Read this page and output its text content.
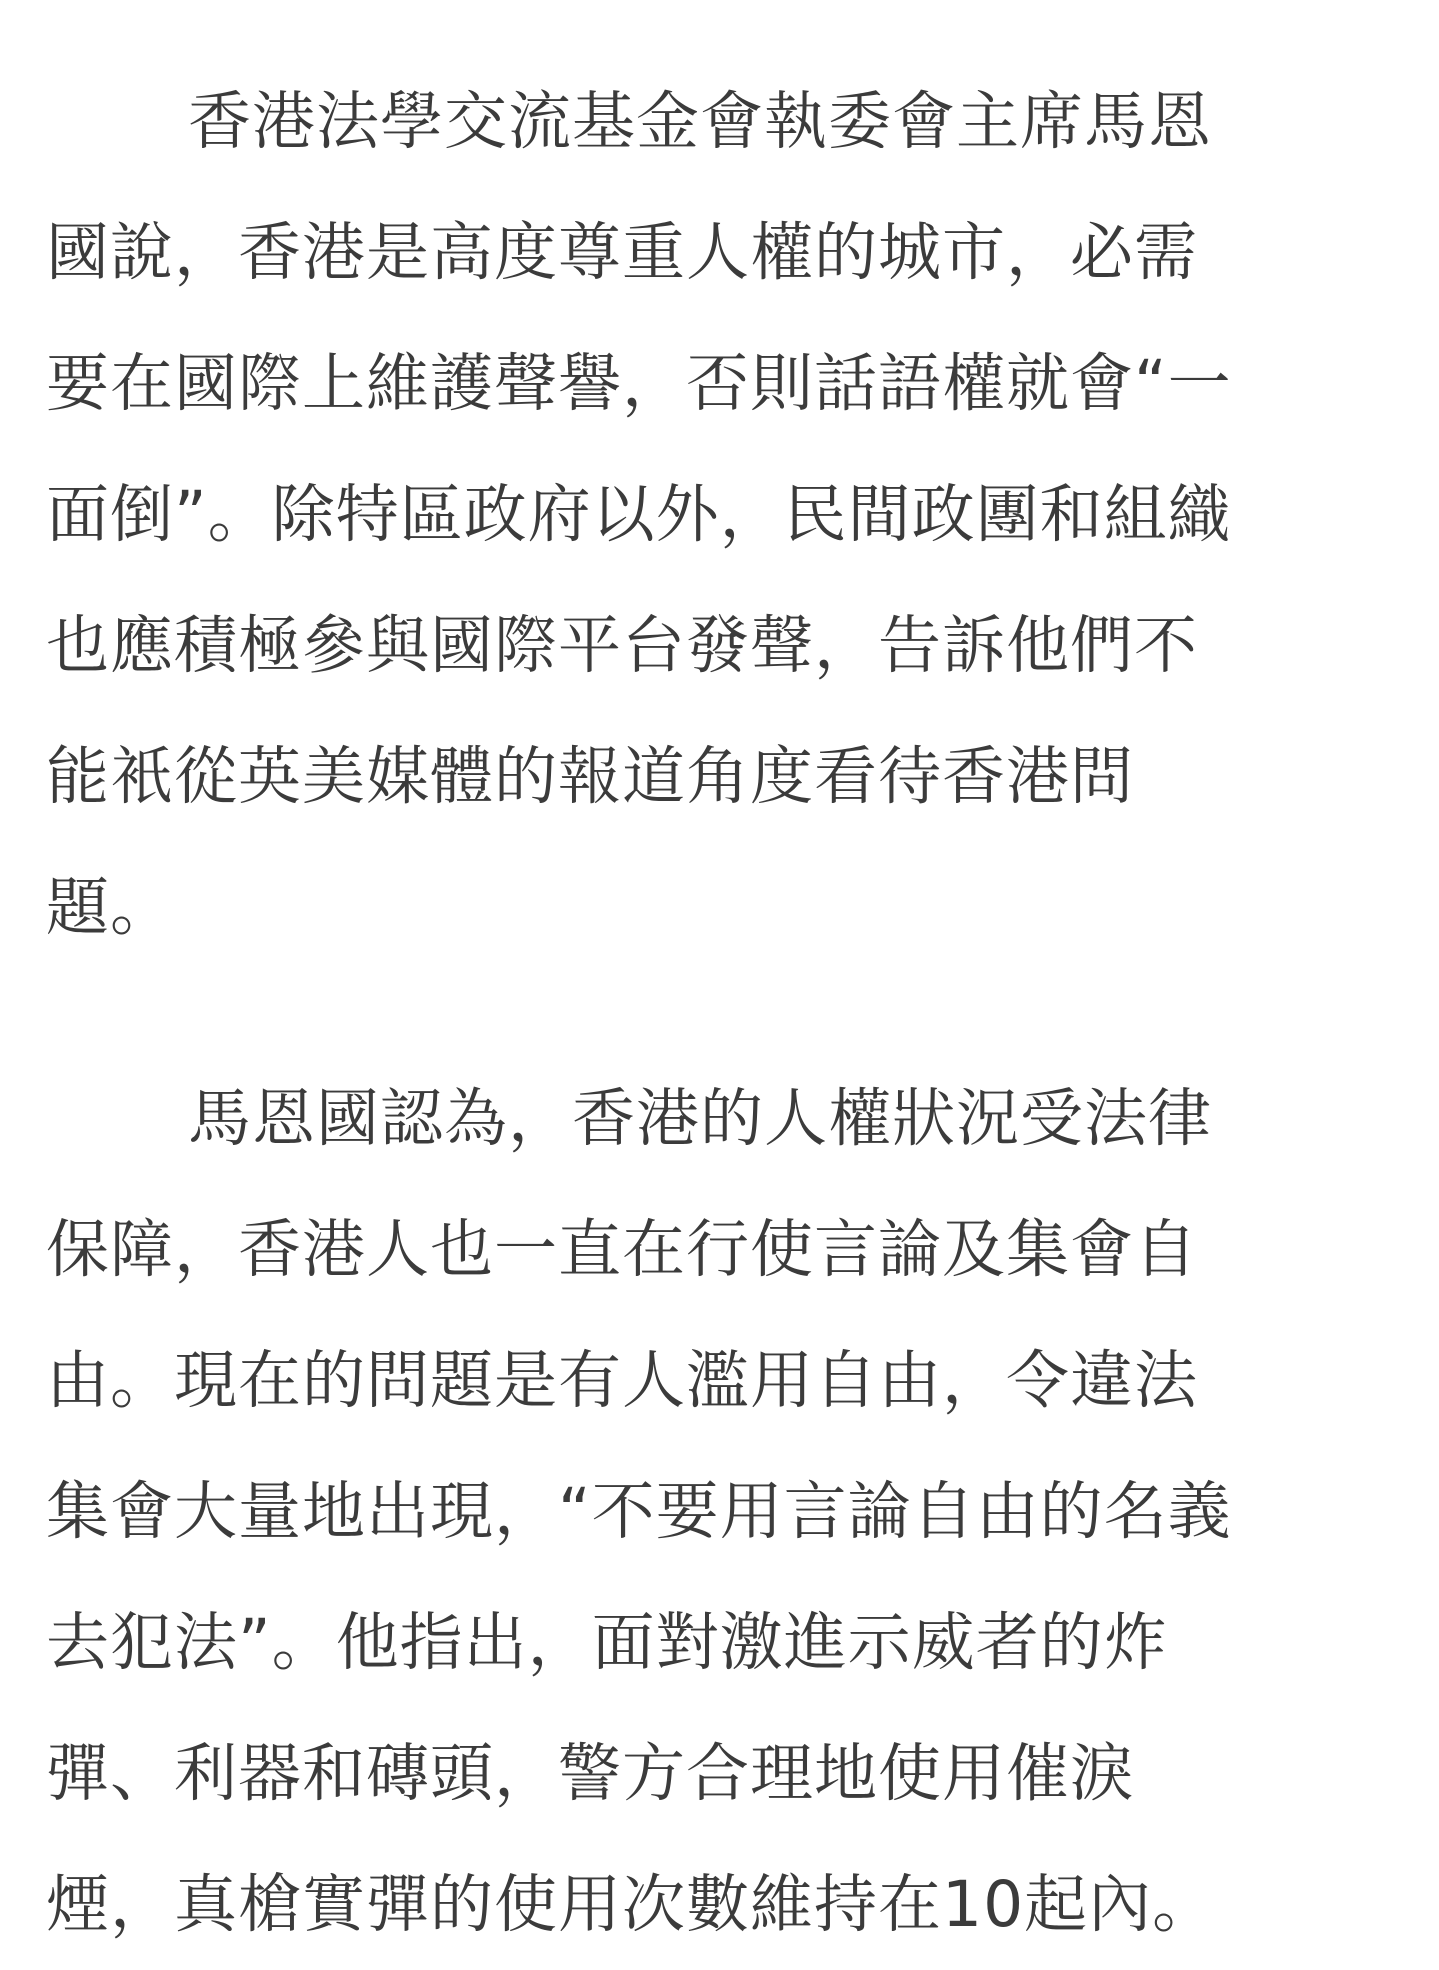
香港法學交流基金會執委會主席馬恩
國說，香港是高度尊重人權的城市，必需
要在國際上維護聲譽，否則話語權就會“一
面倒”。除特區政府以外，民間政團和組織
也應積極參與國際平台發聲，告訴他們不
能衹從英美媒體的報道角度看待香港問
題。

馬恩國認為，香港的人權狀況受法律
保障，香港人也一直在行使言論及集會自
由。現在的問題是有人濫用自由，令違法
集會大量地出現，“不要用言論自由的名義
去犯法”。他指出，面對激進示威者的炸
彈、利器和磚頭，警方合理地使用催淚
煙，真槍實彈的使用次數維持在10起內。
